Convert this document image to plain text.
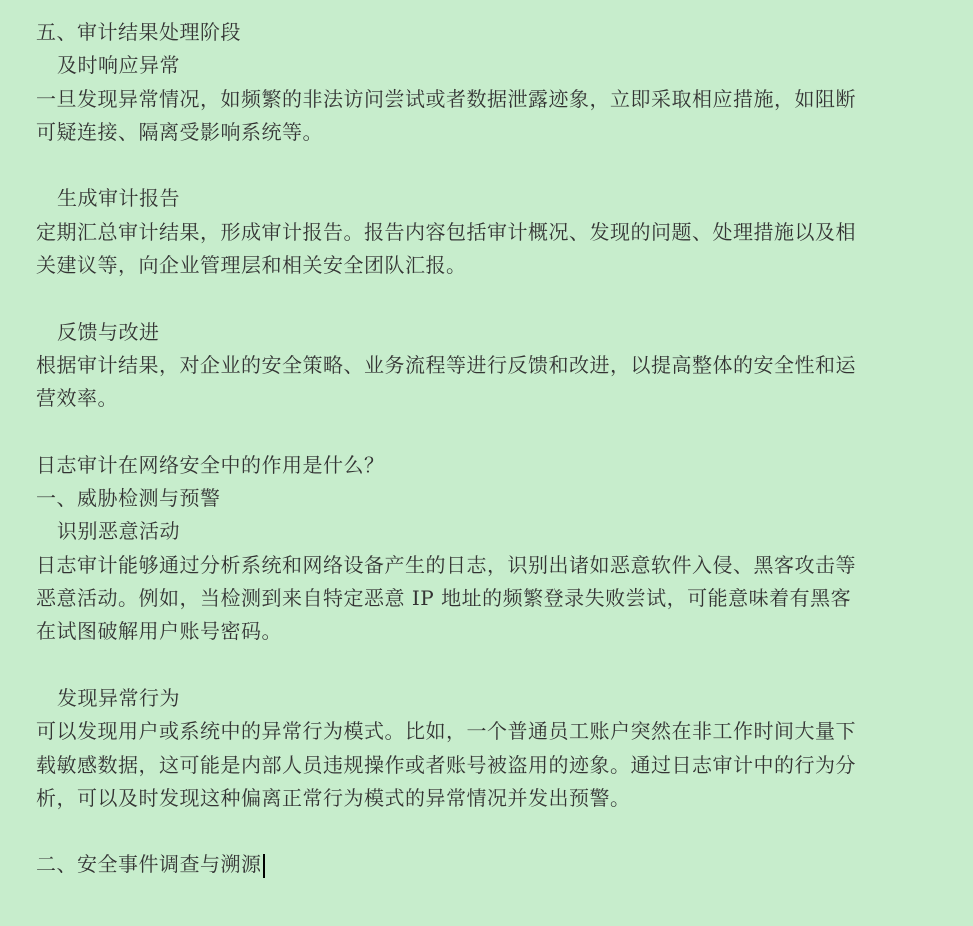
五、审计结果处理阶段
及时响应异常
一旦发现异常情况，如频繁的非法访问尝试或者数据泄露迹象，立即采取相应措施，如阻断
可疑连接、隔离受影响系统等。
生成审计报告
定期汇总审计结果，形成审计报告。报告内容包括审计概况、发现的问题、处理措施以及相
关建议等，向企业管理层和相关安全团队汇报。
反馈与改进
根据审计结果，对企业的安全策略、业务流程等进行反馈和改进，以提高整体的安全性和运
营效率。
日志审计在网络安全中的作用是什么？
一、威胁检测与预警
识别恶意活动
日志审计能够通过分析系统和网络设备产生的日志，识别出诸如恶意软件入侵、黑客攻击等
恶意活动。例如，当检测到来自特定恶意 IP 地址的频繁登录失败尝试，可能意味着有黑客
在试图破解用户账号密码。
发现异常行为
可以发现用户或系统中的异常行为模式。比如，一个普通员工账户突然在非工作时间大量下
载敏感数据，这可能是内部人员违规操作或者账号被盗用的迹象。通过日志审计中的行为分
析，可以及时发现这种偏离正常行为模式的异常情况并发出预警。
二、安全事件调查与溯源
